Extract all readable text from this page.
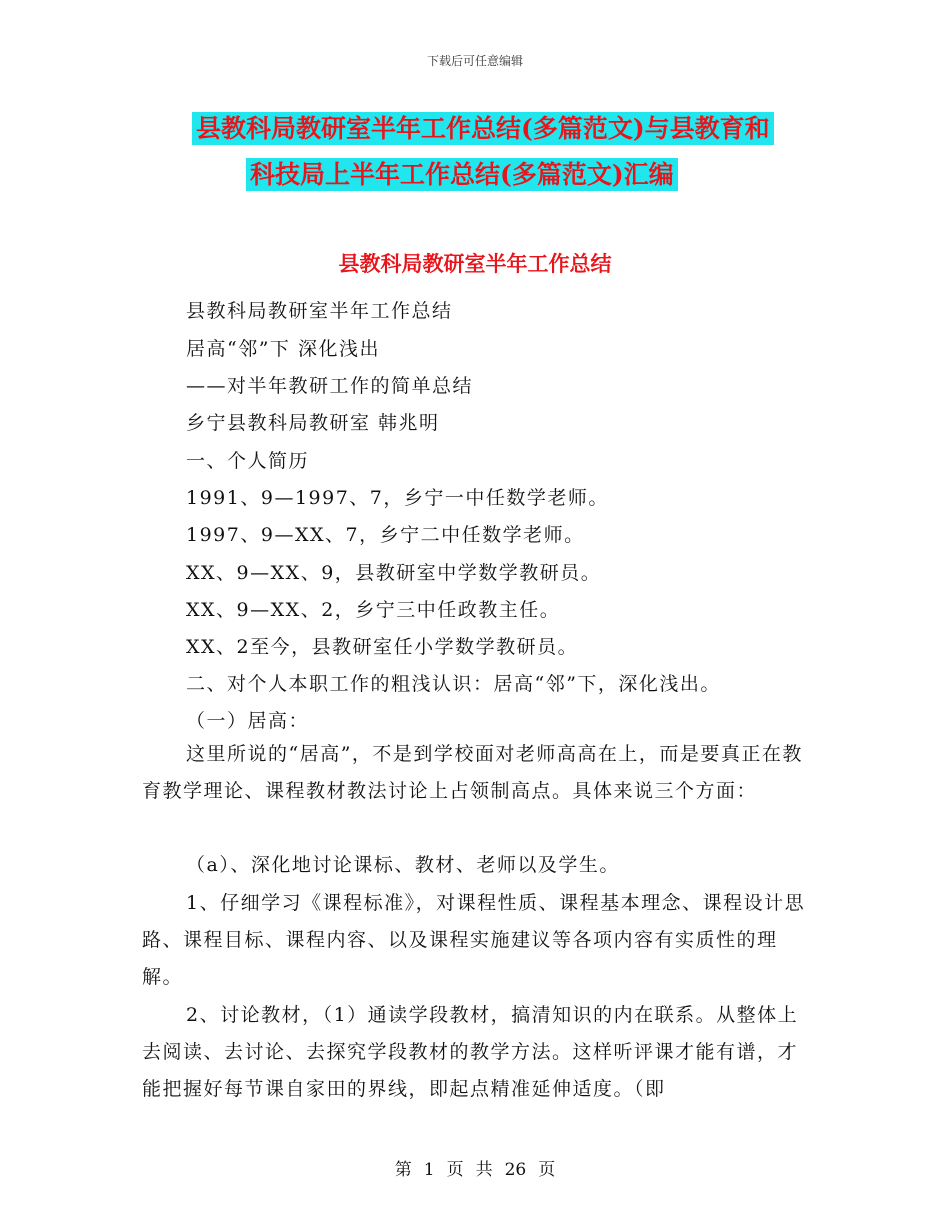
下载后可任意编辑
县教科局教研室半年工作总结(多篇范文)与县教育和
科技局上半年工作总结(多篇范文)汇编
县教科局教研室半年工作总结
县教科局教研室半年工作总结
居高“邻”下 深化浅出
——对半年教研工作的简单总结
乡宁县教科局教研室 韩兆明
一、个人简历
1991、9—1997、7，乡宁一中任数学老师。
1997、9—XX、7，乡宁二中任数学老师。
XX、9—XX、9，县教研室中学数学教研员。
XX、9—XX、2，乡宁三中任政教主任。
XX、2至今，县教研室任小学数学教研员。
二、对个人本职工作的粗浅认识：居高“邻”下，深化浅出。
（一）居高：
这里所说的“居高”，不是到学校面对老师高高在上，而是要真正在教育教学理论、课程教材教法讨论上占领制高点。具体来说三个方面：
（a）、深化地讨论课标、教材、老师以及学生。
1、仔细学习《课程标准》，对课程性质、课程基本理念、课程设计思路、课程目标、课程内容、以及课程实施建议等各项内容有实质性的理解。
2、讨论教材，（1）通读学段教材，搞清知识的内在联系。从整体上去阅读、去讨论、去探究学段教材的教学方法。这样听评课才能有谱，才能把握好每节课自家田的界线，即起点精准延伸适度。（即
第 1 页 共 26 页
